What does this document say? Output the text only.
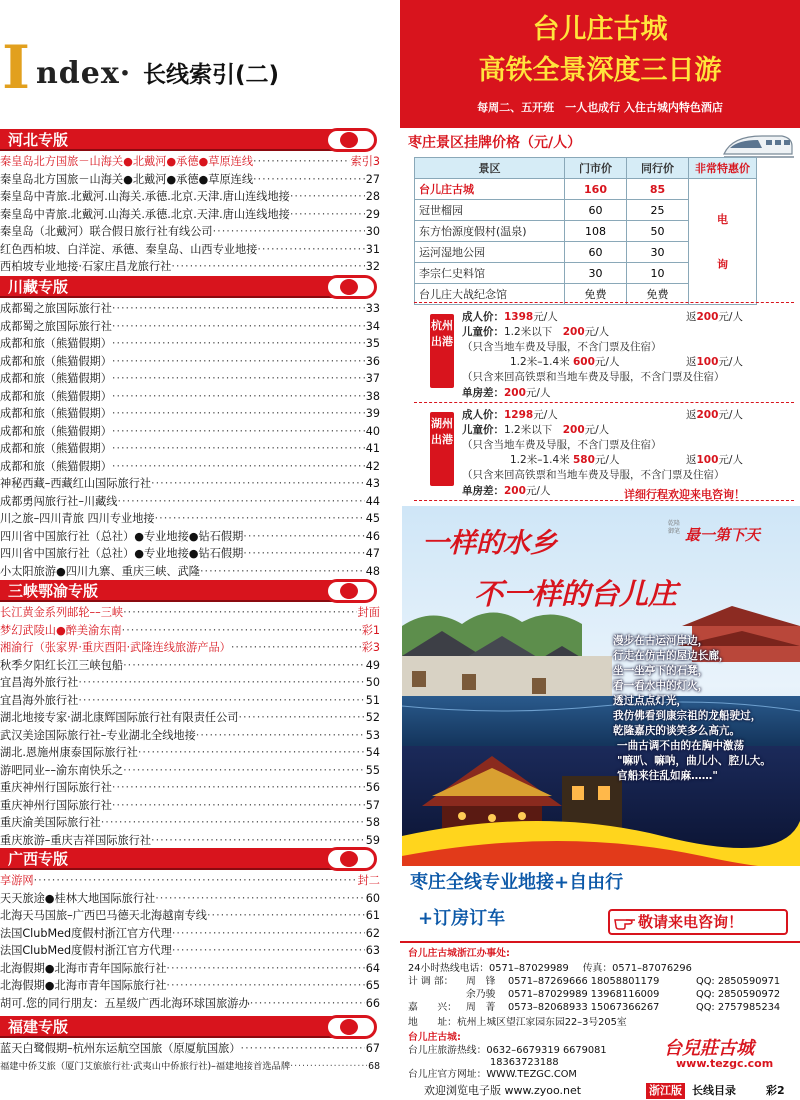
I ndex· 长线索引(二)
河北专版
秦皇岛北方国旅－山海关●北戴河●承德●草原连线 ·····	索引3
秦皇岛北方国旅－山海关●北戴河●承德●草原连线 ·····	27
秦皇岛中青旅.北戴河.山海关.承德.北京.天津.唐山连线地接 ·····	28
秦皇岛中青旅.北戴河.山海关.承德.北京.天津.唐山连线地接 ·····	29
秦皇岛（北戴河）联合假日旅行社有线公司 ·····	30
红色西柏坡、白洋淀、承德、秦皇岛、山西专业地接 ·····	31
西柏坡专业地接·石家庄昌龙旅行社 ·····	32
川藏专版
成都蜀之旅国际旅行社 ·····	33
成都蜀之旅国际旅行社 ·····	34
成都和旅（熊猫假期） ·····	35
成都和旅（熊猫假期） ·····	36
成都和旅（熊猫假期） ·····	37
成都和旅（熊猫假期） ·····	38
成都和旅（熊猫假期） ·····	39
成都和旅（熊猫假期） ·····	40
成都和旅（熊猫假期） ·····	41
成都和旅（熊猫假期） ·····	42
神秘西藏–西藏红山国际旅行社 ·····	43
成都勇闯旅行社–川藏线 ·····	44
川之旅–四川青旅 四川专业地接 ·····	45
四川省中国旅行社（总社）●专业地接●钻石假期 ·····	46
四川省中国旅行社（总社）●专业地接●钻石假期 ·····	47
小太阳旅游●四川九寨、重庆三峡、武隆 ·····	48
三峡鄂渝专版
长江黄金系列邮轮––三峡 ·····	封面
梦幻武陵山●醉美渝东南 ·····	彩1
湘渝行（张家界·重庆酉阳·武隆连线旅游产品） ·····	彩3
秋季夕阳红长江三峡包船 ·····	49
宜昌海外旅行社 ·····	50
宜昌海外旅行社 ·····	51
湖北地接专家·湖北康辉国际旅行社有限责任公司 ·····	52
武汉美途国际旅行社–专业湖北全线地接 ·····	53
湖北.恩施州康泰国际旅行社 ·····	54
游吧同业––渝东南快乐之 ·····	55
重庆神州行国际旅行社 ·····	56
重庆神州行国际旅行社 ·····	57
重庆渝美国际旅行社 ·····	58
重庆旅游–重庆吉祥国际旅行社 ·····	59
广西专版
享游网 ·····	封二
天天旅途●桂林大地国际旅行社 ·····	60
北海天马国旅–广西巴马德天北海越南专线 ·····	61
法国ClubMed度假村浙江官方代理 ·····	62
法国ClubMed度假村浙江官方代理 ·····	63
北海假期●北海市青年国际旅行社 ·····	64
北海假期●北海市青年国际旅行社 ·····	65
胡可.您的同行朋友：五星级广西北海环球国旅游办 ·····	66
福建专版
蓝天白鹭假期–杭州东运航空国旅（原厦航国旅） ·····	67
福建中侨艾旅（厦门艾旅旅行社·武夷山中侨旅行社)–福建地接首选品牌 ·····	68
台儿庄古城
高铁全景深度三日游
每周二、五开班　一人也成行 入住古城内特色酒店
枣庄景区挂牌价格（元/人）
景区	门市价	同行价	非常特惠价
台儿庄古城	160	85	电
询

冠世榴园	60	25	
东方怡源度假村(温泉)	108	50	
运河湿地公园	60	30	
李宗仁史料馆	30	10	
台儿庄大战纪念馆	免费	免费	
杭州出港
成人价：1398元/人	返200元/人
儿童价：1.2米以下　 200元/人
（只含当地车费及导服，不含门票及住宿）
1.2米–1.4米 600元/人	返100元/人
（只含来回高铁票和当地车费及导服，不含门票及住宿）
单房差：200元/人
湖州出港
成人价：1298元/人	返200元/人
儿童价：1.2米以下　 200元/人
（只含当地车费及导服，不含门票及住宿）
1.2米–1.4米 580元/人	返100元/人
（只含来回高铁票和当地车费及导服，不含门票及住宿）
单房差：200元/人	详细行程欢迎来电咨询！
一样的水乡
不一样的台儿庄
最一第下天
乾隆御笔
漫步在古运河岸边，
行走在仿古的屋边长廊，
坐一坐亭下的石凳，
看一看水中的灯火，
透过点点灯光，
我仿佛看到康宗祖的龙船驶过，
乾隆嘉庆的谈笑多么高亢。
一曲古调不由的在胸中激荡
"嘛叭、嘛呐，曲儿小、腔儿大。
官船来往乱如麻……"
枣庄全线专业地接+自由行
+订房订车	敬请来电咨询！
台儿庄古城浙江办事处:
24小时热线电话：0571–87029989 传真：0571–87076296
计 调 部： 周　锋 0571–87269666 18058801179	QQ: 2850590971
余乃骏 0571–87029989 13968116009	QQ: 2850590972
嘉　　兴： 周　菁 0573–82068933 15067366267	QQ: 2757985234
地　　址：杭州上城区望江家园东园22–3号205室
台儿庄古城:
台儿庄旅游热线：0632–6679319 6679081
18363723188
台儿庄官方网址：WWW.TEZGC.COM
台兒莊古城
www.tezgc.com
欢迎浏览电子版 www.zyoo.net	浙江版 长线目录	彩2
